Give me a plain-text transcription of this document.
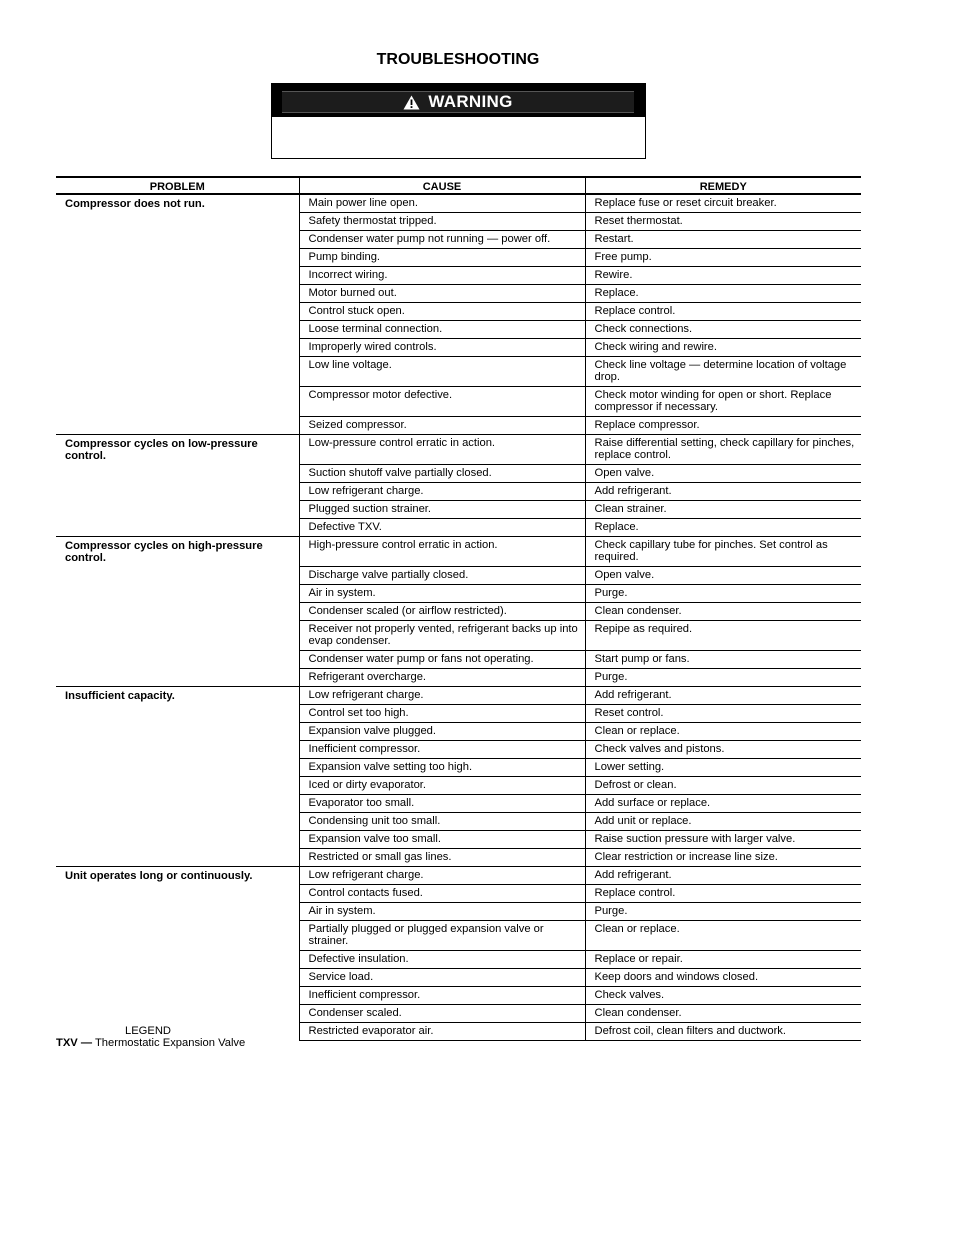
TROUBLESHOOTING
WARNING
PROBLEM	CAUSE	REMEDY
Compressor does not run.	Main power line open.	Replace fuse or reset circuit breaker.
	Safety thermostat tripped.	Reset thermostat.
	Condenser water pump not running — power off.	Restart.
	Pump binding.	Free pump.
	Incorrect wiring.	Rewire.
	Motor burned out.	Replace.
	Control stuck open.	Replace control.
	Loose terminal connection.	Check connections.
	Improperly wired controls.	Check wiring and rewire.
	Low line voltage.	Check line voltage — determine location of voltage drop.
	Compressor motor defective.	Check motor winding for open or short. Replace compressor if necessary.
	Seized compressor.	Replace compressor.
Compressor cycles on low-pressure control.	Low-pressure control erratic in action.	Raise differential setting, check capillary for pinches, replace control.
	Suction shutoff valve partially closed.	Open valve.
	Low refrigerant charge.	Add refrigerant.
	Plugged suction strainer.	Clean strainer.
	Defective TXV.	Replace.
Compressor cycles on high-pressure control.	High-pressure control erratic in action.	Check capillary tube for pinches. Set control as required.
	Discharge valve partially closed.	Open valve.
	Air in system.	Purge.
	Condenser scaled (or airflow restricted).	Clean condenser.
	Receiver not properly vented, refrigerant backs up into evap condenser.	Repipe as required.
	Condenser water pump or fans not operating.	Start pump or fans.
	Refrigerant overcharge.	Purge.
Insufficient capacity.	Low refrigerant charge.	Add refrigerant.
	Control set too high.	Reset control.
	Expansion valve plugged.	Clean or replace.
	Inefficient compressor.	Check valves and pistons.
	Expansion valve setting too high.	Lower setting.
	Iced or dirty evaporator.	Defrost or clean.
	Evaporator too small.	Add surface or replace.
	Condensing unit too small.	Add unit or replace.
	Expansion valve too small.	Raise suction pressure with larger valve.
	Restricted or small gas lines.	Clear restriction or increase line size.
Unit operates long or continuously.	Low refrigerant charge.	Add refrigerant.
	Control contacts fused.	Replace control.
	Air in system.	Purge.
	Partially plugged or plugged expansion valve or strainer.	Clean or replace.
	Defective insulation.	Replace or repair.
	Service load.	Keep doors and windows closed.
	Inefficient compressor.	Check valves.
	Condenser scaled.	Clean condenser.
	Restricted evaporator air.	Defrost coil, clean filters and ductwork.
LEGEND
TXV — Thermostatic Expansion Valve
